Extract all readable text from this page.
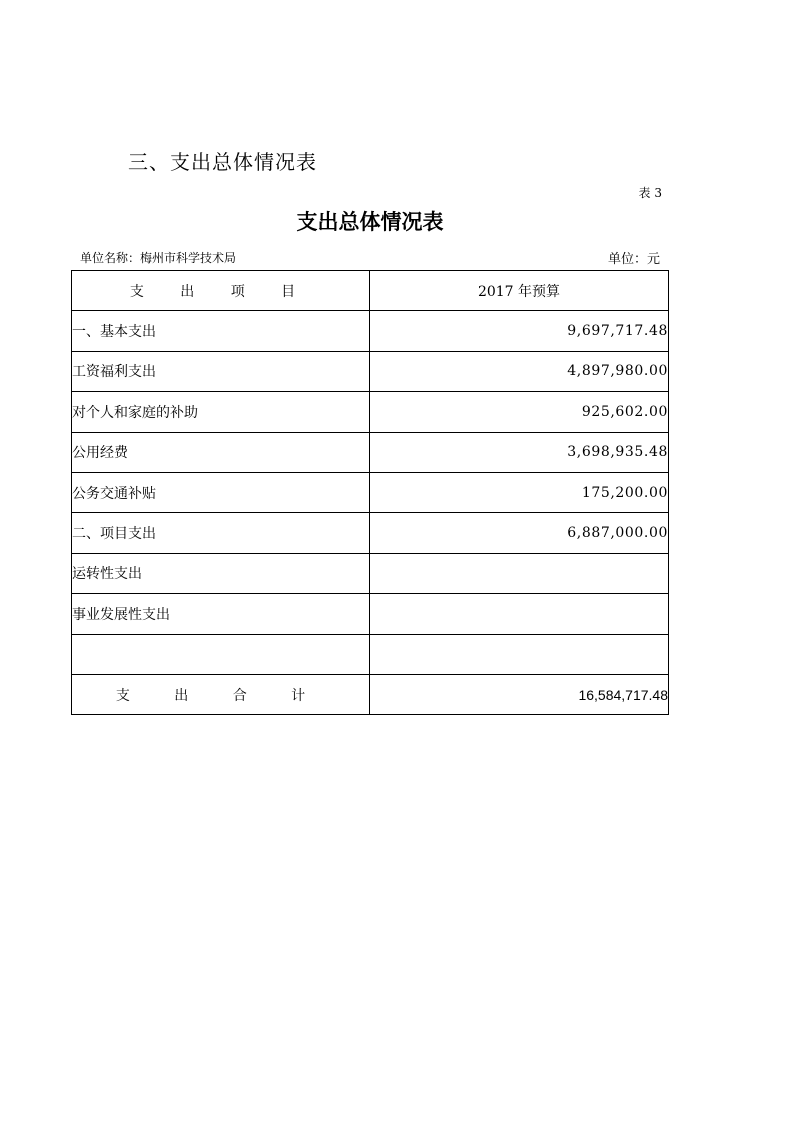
三、支出总体情况表
表 3
支出总体情况表
单位名称：梅州市科学技术局	单位：元
支 出 项 目	2017 年预算
一、基本支出	9,697,717.48
工资福利支出	4,897,980.00
对个人和家庭的补助	925,602.00
公用经费	3,698,935.48
公务交通补贴	175,200.00
二、项目支出	6,887,000.00
运转性支出	
事业发展性支出	

支 出 合 计	16,584,717.48
